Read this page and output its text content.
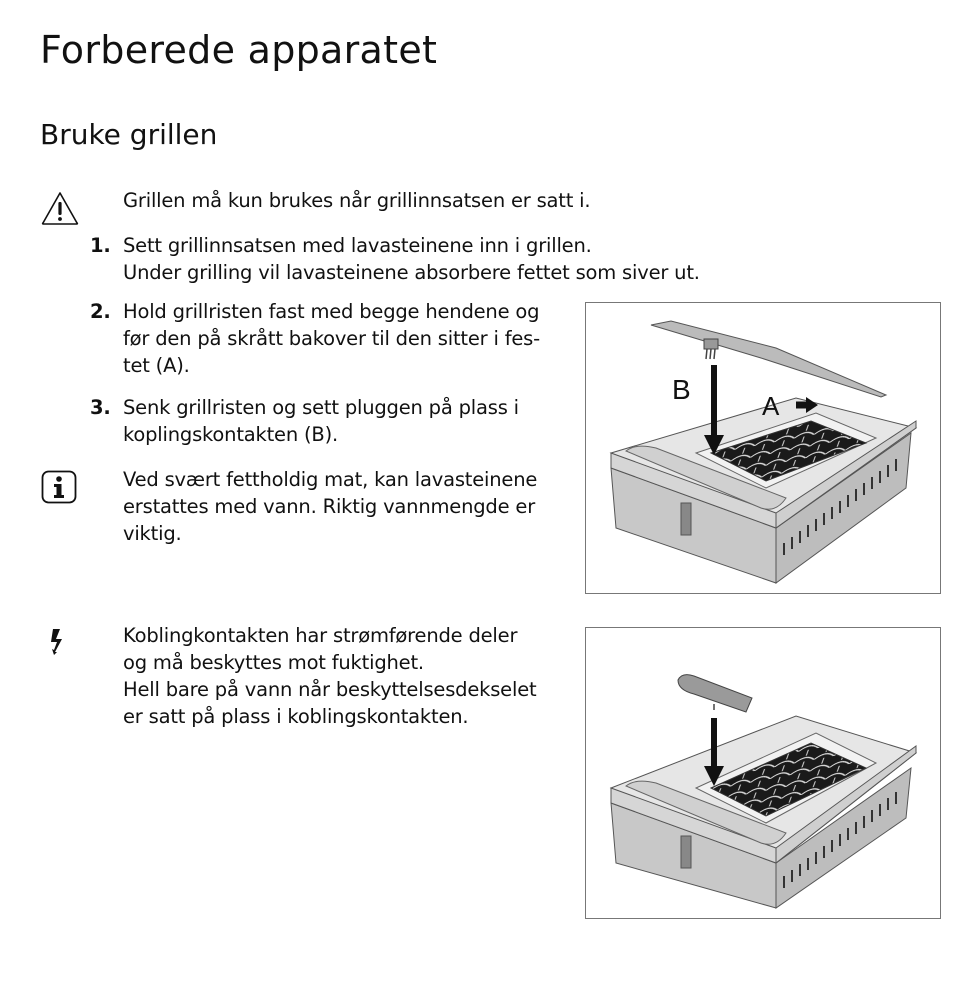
Forberede apparatet
Bruke grillen
Grillen må kun brukes når grillinnsatsen er satt i.
1. Sett grillinnsatsen med lavasteinene inn i grillen.
Under grilling vil lavasteinene absorbere fettet som siver ut.
2. Hold grillristen fast med begge hendene og
før den på skrått bakover til den sitter i fes-
tet (A).
3. Senk grillristen og sett pluggen på plass i
koplingskontakten (B).
Ved svært fettholdig mat, kan lavasteinene
erstattes med vann. Riktig vannmengde er
viktig.
Koblingkontakten har strømførende deler
og må beskyttes mot fuktighet.
Hell bare på vann når beskyttelsesdekselet
er satt på plass i koblingskontakten.
B
A
